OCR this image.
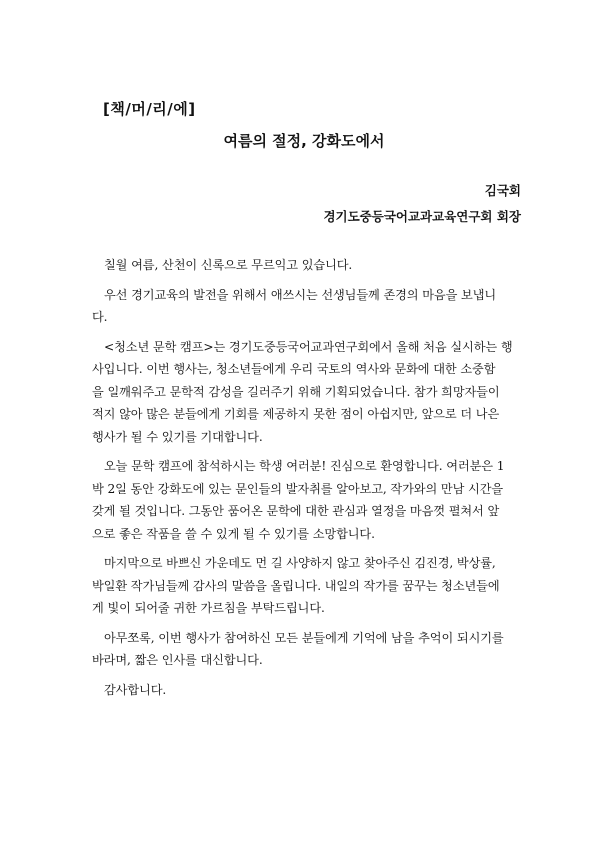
[책/머/리/에]
여름의 절정, 강화도에서
김국회
경기도중등국어교과교육연구회 회장
칠월 여름, 산천이 신록으로 무르익고 있습니다.
우선 경기교육의 발전을 위해서 애쓰시는 선생님들께 존경의 마음을 보냅니
다.
<청소년 문학 캠프>는 경기도중등국어교과연구회에서 올해 처음 실시하는 행
사입니다. 이번 행사는, 청소년들에게 우리 국토의 역사와 문화에 대한 소중함
을 일깨워주고 문학적 감성을 길러주기 위해 기획되었습니다. 참가 희망자들이
적지 않아 많은 분들에게 기회를 제공하지 못한 점이 아쉽지만, 앞으로 더 나은
행사가 될 수 있기를 기대합니다.
오늘 문학 캠프에 참석하시는 학생 여러분! 진심으로 환영합니다. 여러분은 1
박 2일 동안 강화도에 있는 문인들의 발자취를 알아보고, 작가와의 만남 시간을
갖게 될 것입니다. 그동안 품어온 문학에 대한 관심과 열정을 마음껏 펼쳐서 앞
으로 좋은 작품을 쓸 수 있게 될 수 있기를 소망합니다.
마지막으로 바쁘신 가운데도 먼 길 사양하지 않고 찾아주신 김진경, 박상률,
박일환 작가님들께 감사의 말씀을 올립니다. 내일의 작가를 꿈꾸는 청소년들에
게 빛이 되어줄 귀한 가르침을 부탁드립니다.
아무쪼록, 이번 행사가 참여하신 모든 분들에게 기억에 남을 추억이 되시기를
바라며, 짧은 인사를 대신합니다.
감사합니다.
